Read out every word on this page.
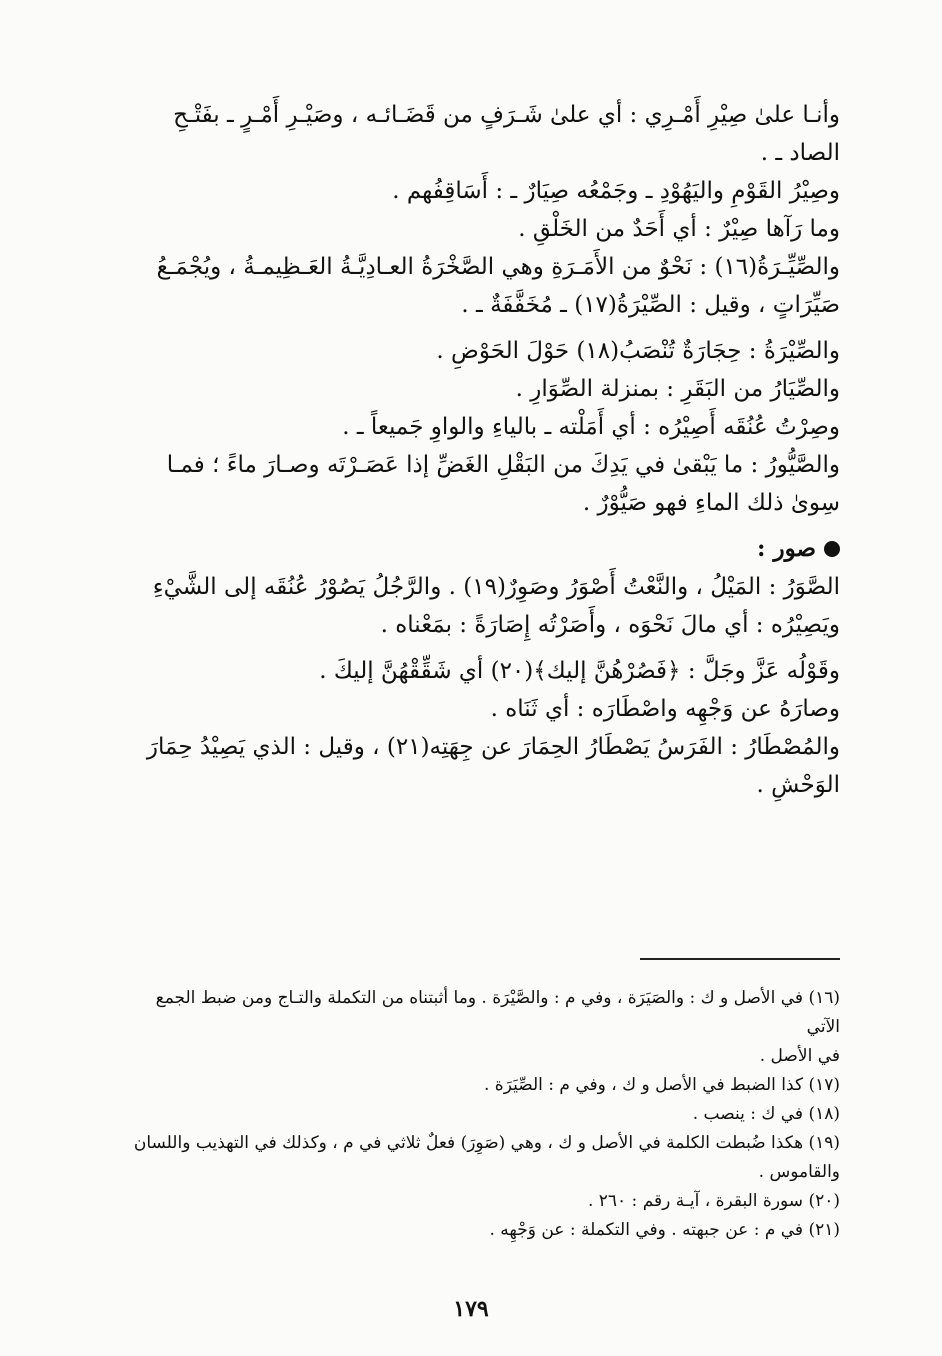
وأنـا علىٰ صِيْرِ أَمْـرِي : أي علىٰ شَـرَفٍ من قَضَـائـه ، وصَيْـرِ أَمْـرٍ ـ بفَتْـحِ

الصاد ـ .

وصِيْرُ القَوْمِ واليَهُوْدِ ـ وجَمْعُه صِيَارٌ ـ : أَسَاقِفُهم .

وما رَآها صِيْرٌ : أي أَحَدٌ من الخَلْقِ .

والصِّيِّـرَةُ(١٦) : نَحْوٌ من الأَمَـرَةِ وهي الصَّخْرَةُ العـادِيَّـةُ العَـظِيمـةُ ، ويُجْمَـعُ

صَيِّرَاتٍ ، وقيل : الصِّيْرَةُ(١٧) ـ مُخَفَّفَةٌ ـ .

والصِّيْرَةُ : حِجَارَةٌ تُنْصَبُ(١٨) حَوْلَ الحَوْضِ .

والصِّيَارُ من البَقَرِ : بمنزلة الصِّوَارِ .

وصِرْتُ عُنُقَه أَصِيْرُه : أي أَمَلْته ـ بالياءِ والواوِ جَميعاً ـ .

والصَّيُّورُ : ما يَبْقىٰ في يَدِكَ من البَقْلِ الغَضِّ إذا عَصَـرْتَه وصـارَ ماءً ؛ فمـا

سِوىٰ ذلك الماءِ فهو صَيُّوْرٌ .

صور :

الصَّوَرُ : المَيْلُ ، والنَّعْتُ أَصْوَرُ وصَوِرٌ(١٩) . والرَّجُلُ يَصُوْرُ عُنُقَه إلى الشَّيْءِ

ويَصِيْرُه : أي مالَ نَحْوَه ، وأَصَرْتُه إِصَارَةً : بمَعْناه .

وقَوْلُه عَزَّ وجَلَّ : ﴿فَصُرْهُنَّ إليك﴾(٢٠) أي شَقِّقْهُنَّ إليكَ .

وصارَهُ عن وَجْهِه واصْطَارَه : أي ثَنَاه .

والمُصْطَارُ : الفَرَسُ يَصْطَارُ الحِمَارَ عن جِهَتِه(٢١) ، وقيل : الذي يَصِيْدُ حِمَارَ

الوَحْشِ .

(١٦) في الأصل و ك : والصَيَرَة ، وفي م : والصَّيْرَة . وما أثبتناه من التكملة والتـاج ومن ضبط الجمع الآتي

في الأصل .

(١٧) كذا الضبط في الأصل و ك ، وفي م : الصِّيَرَة .

(١٨) في ك : ينصب .

(١٩) هكذا ضُبطت الكلمة في الأصل و ك ، وهي (صَوِرَ) فعلٌ ثلاثي في م ، وكذلك في التهذيب واللسان

والقاموس .

(٢٠) سورة البقرة ، آيـة رقم : ٢٦٠ .

(٢١) في م : عن جبهته . وفي التكملة : عن وَجْهِه .

١٧٩
